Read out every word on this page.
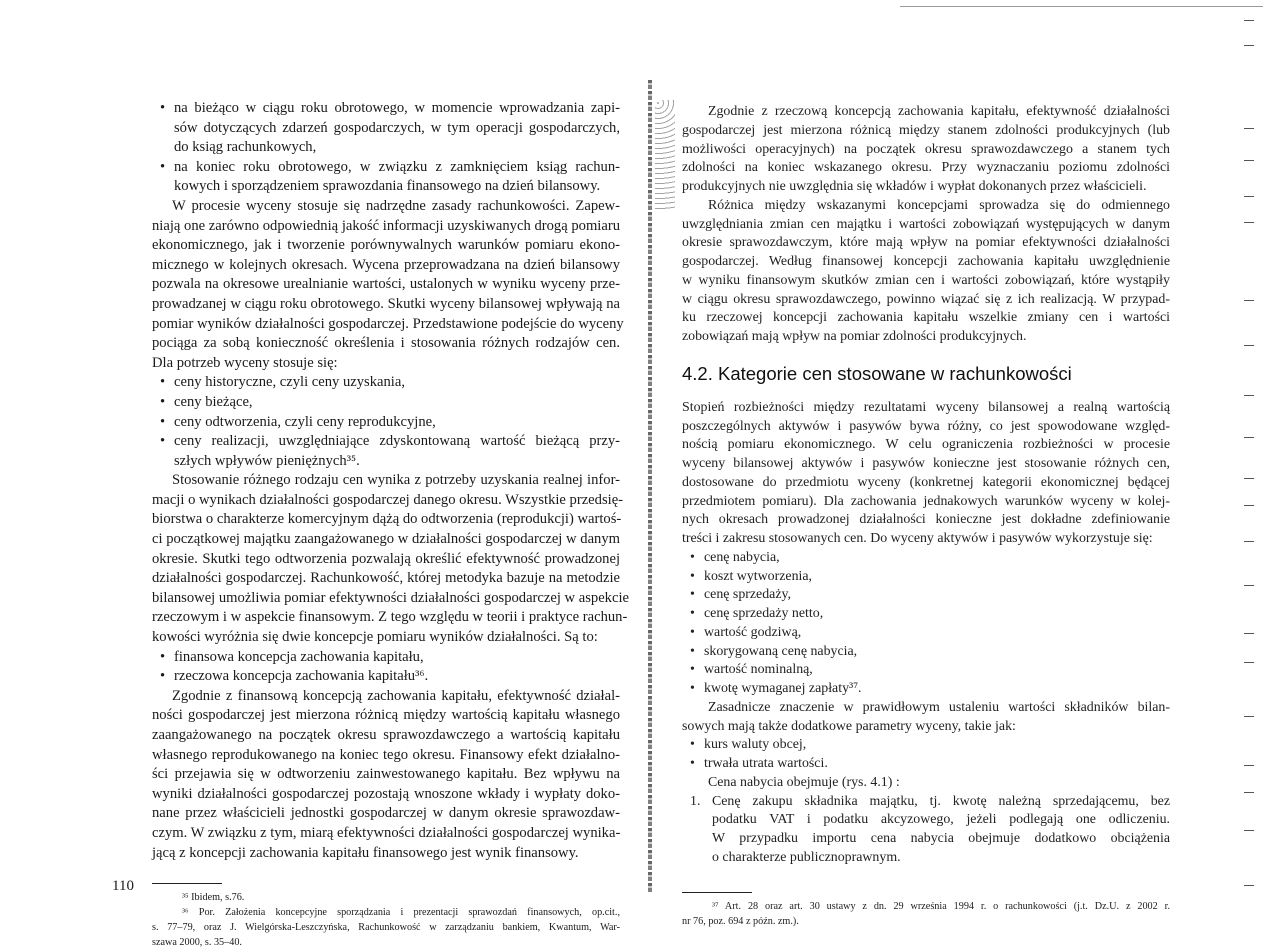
• na bieżąco w ciągu roku obrotowego, w momencie wprowadzania zapi-
sów dotyczących zdarzeń gospodarczych, w tym operacji gospodarczych,
do ksiąg rachunkowych,
• na koniec roku obrotowego, w związku z zamknięciem ksiąg rachun-
kowych i sporządzeniem sprawozdania finansowego na dzień bilansowy.
W procesie wyceny stosuje się nadrzędne zasady rachunkowości. Zapew-
niają one zarówno odpowiednią jakość informacji uzyskiwanych drogą pomiaru
ekonomicznego, jak i tworzenie porównywalnych warunków pomiaru ekono-
micznego w kolejnych okresach. Wycena przeprowadzana na dzień bilansowy
pozwala na okresowe urealnianie wartości, ustalonych w wyniku wyceny prze-
prowadzanej w ciągu roku obrotowego. Skutki wyceny bilansowej wpływają na
pomiar wyników działalności gospodarczej. Przedstawione podejście do wyceny
pociąga za sobą konieczność określenia i stosowania różnych rodzajów cen.
Dla potrzeb wyceny stosuje się:
• ceny historyczne, czyli ceny uzyskania,
• ceny bieżące,
• ceny odtworzenia, czyli ceny reprodukcyjne,
• ceny realizacji, uwzględniające zdyskontowaną wartość bieżącą przy-
szłych wpływów pieniężnych³⁵.
Stosowanie różnego rodzaju cen wynika z potrzeby uzyskania realnej infor-
macji o wynikach działalności gospodarczej danego okresu. Wszystkie przedsię-
biorstwa o charakterze komercyjnym dążą do odtworzenia (reprodukcji) wartoś-
ci początkowej majątku zaangażowanego w działalności gospodarczej w danym
okresie. Skutki tego odtworzenia pozwalają określić efektywność prowadzonej
działalności gospodarczej. Rachunkowość, której metodyka bazuje na metodzie
bilansowej umożliwia pomiar efektywności działalności gospodarczej w aspekcie
rzeczowym i w aspekcie finansowym. Z tego względu w teorii i praktyce rachun-
kowości wyróżnia się dwie koncepcje pomiaru wyników działalności. Są to:
• finansowa koncepcja zachowania kapitału,
• rzeczowa koncepcja zachowania kapitału³⁶.
Zgodnie z finansową koncepcją zachowania kapitału, efektywność działal-
ności gospodarczej jest mierzona różnicą między wartością kapitału własnego
zaangażowanego na początek okresu sprawozdawczego a wartością kapitału
własnego reprodukowanego na koniec tego okresu. Finansowy efekt działalno-
ści przejawia się w odtworzeniu zainwestowanego kapitału. Bez wpływu na
wyniki działalności gospodarczej pozostają wnoszone wkłady i wypłaty doko-
nane przez właścicieli jednostki gospodarczej w danym okresie sprawozdaw-
czym. W związku z tym, miarą efektywności działalności gospodarczej wynika-
jącą z koncepcji zachowania kapitału finansowego jest wynik finansowy.
³⁵ Ibidem, s.76.
³⁶ Por. Założenia koncepcyjne sporządzania i prezentacji sprawozdań finansowych, op.cit.,
s. 77–79, oraz J. Wielgórska-Leszczyńska, Rachunkowość w zarządzaniu bankiem, Kwantum, War-
szawa 2000, s. 35–40.
110
Zgodnie z rzeczową koncepcją zachowania kapitału, efektywność działalności
gospodarczej jest mierzona różnicą między stanem zdolności produkcyjnych (lub
możliwości operacyjnych) na początek okresu sprawozdawczego a stanem tych
zdolności na koniec wskazanego okresu. Przy wyznaczaniu poziomu zdolności
produkcyjnych nie uwzględnia się wkładów i wypłat dokonanych przez właścicieli.
Różnica między wskazanymi koncepcjami sprowadza się do odmiennego
uwzględniania zmian cen majątku i wartości zobowiązań występujących w danym
okresie sprawozdawczym, które mają wpływ na pomiar efektywności działalności
gospodarczej. Według finansowej koncepcji zachowania kapitału uwzględnienie
w wyniku finansowym skutków zmian cen i wartości zobowiązań, które wystąpiły
w ciągu okresu sprawozdawczego, powinno wiązać się z ich realizacją. W przypad-
ku rzeczowej koncepcji zachowania kapitału wszelkie zmiany cen i wartości
zobowiązań mają wpływ na pomiar zdolności produkcyjnych.
4.2. Kategorie cen stosowane w rachunkowości
Stopień rozbieżności między rezultatami wyceny bilansowej a realną wartością
poszczególnych aktywów i pasywów bywa różny, co jest spowodowane względ-
nością pomiaru ekonomicznego. W celu ograniczenia rozbieżności w procesie
wyceny bilansowej aktywów i pasywów konieczne jest stosowanie różnych cen,
dostosowane do przedmiotu wyceny (konkretnej kategorii ekonomicznej będącej
przedmiotem pomiaru). Dla zachowania jednakowych warunków wyceny w kolej-
nych okresach prowadzonej działalności konieczne jest dokładne zdefiniowanie
treści i zakresu stosowanych cen. Do wyceny aktywów i pasywów wykorzystuje się:
• cenę nabycia,
• koszt wytworzenia,
• cenę sprzedaży,
• cenę sprzedaży netto,
• wartość godziwą,
• skorygowaną cenę nabycia,
• wartość nominalną,
• kwotę wymaganej zapłaty³⁷.
Zasadnicze znaczenie w prawidłowym ustaleniu wartości składników bilan-
sowych mają także dodatkowe parametry wyceny, takie jak:
• kurs waluty obcej,
• trwała utrata wartości.
Cena nabycia obejmuje (rys. 4.1) :
1. Cenę zakupu składnika majątku, tj. kwotę należną sprzedającemu, bez
podatku VAT i podatku akcyzowego, jeżeli podlegają one odliczeniu.
W przypadku importu cena nabycia obejmuje dodatkowo obciążenia
o charakterze publicznoprawnym.
³⁷ Art. 28 oraz art. 30 ustawy z dn. 29 września 1994 r. o rachunkowości (j.t. Dz.U. z 2002 r.
nr 76, poz. 694 z późn. zm.).
